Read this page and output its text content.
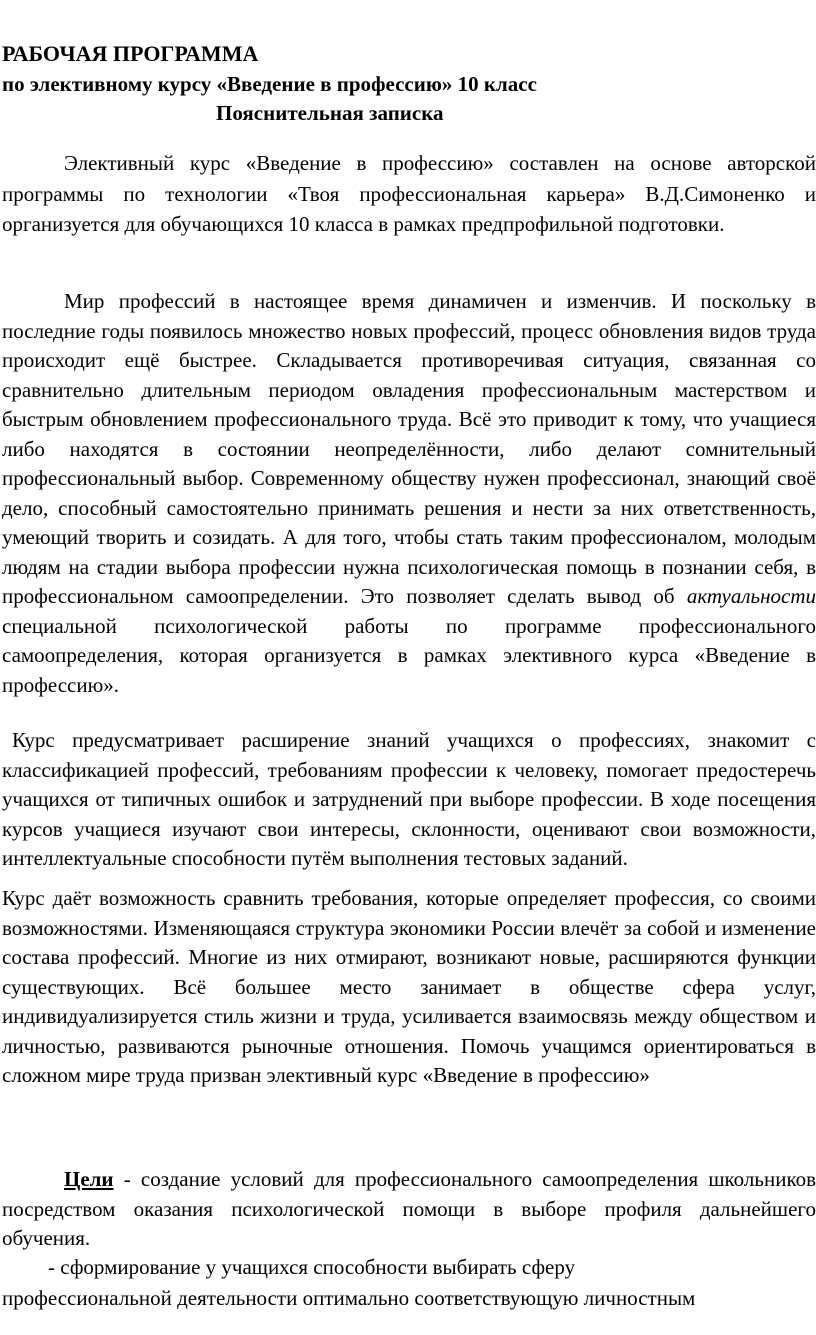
РАБОЧАЯ ПРОГРАММА
по элективному курсу «Введение в профессию» 10 класс
Пояснительная записка

Элективный курс «Введение в профессию» составлен на основе авторской программы по технологии «Твоя профессиональная карьера» В.Д.Симоненко и организуется для обучающихся 10 класса в рамках предпрофильной подготовки.

Мир профессий в настоящее время динамичен и изменчив. И поскольку в последние годы появилось множество новых профессий, процесс обновления видов труда происходит ещё быстрее. Складывается противоречивая ситуация, связанная со сравнительно длительным периодом овладения профессиональным мастерством и быстрым обновлением профессионального труда. Всё это приводит к тому, что учащиеся либо находятся в состоянии неопределённости, либо делают сомнительный профессиональный выбор. Современному обществу нужен профессионал, знающий своё дело, способный самостоятельно принимать решения и нести за них ответственность, умеющий творить и созидать. А для того, чтобы стать таким профессионалом, молодым людям на стадии выбора профессии нужна психологическая помощь в познании себя, в профессиональном самоопределении. Это позволяет сделать вывод об актуальности специальной психологической работы по программе профессионального самоопределения, которая организуется в рамках элективного курса «Введение в профессию».

Курс предусматривает расширение знаний учащихся о профессиях, знакомит с классификацией профессий, требованиям профессии к человеку, помогает предостеречь учащихся от типичных ошибок и затруднений при выборе профессии. В ходе посещения курсов учащиеся изучают свои интересы, склонности, оценивают свои возможности, интеллектуальные способности путём выполнения тестовых заданий.

Курс даёт возможность сравнить требования, которые определяет профессия, со своими возможностями. Изменяющаяся структура экономики России влечёт за собой и изменение состава профессий. Многие из них отмирают, возникают новые, расширяются функции существующих. Всё большее место занимает в обществе сфера услуг, индивидуализируется стиль жизни и труда, усиливается взаимосвязь между обществом и личностью, развиваются рыночные отношения. Помочь учащимся ориентироваться в сложном мире труда призван элективный курс «Введение в профессию»

Цели - создание условий для профессионального самоопределения школьников посредством оказания психологической помощи в выборе профиля дальнейшего обучения.

- сформирование у учащихся способности выбирать сферу
профессиональной деятельности оптимально соответствующую личностным
